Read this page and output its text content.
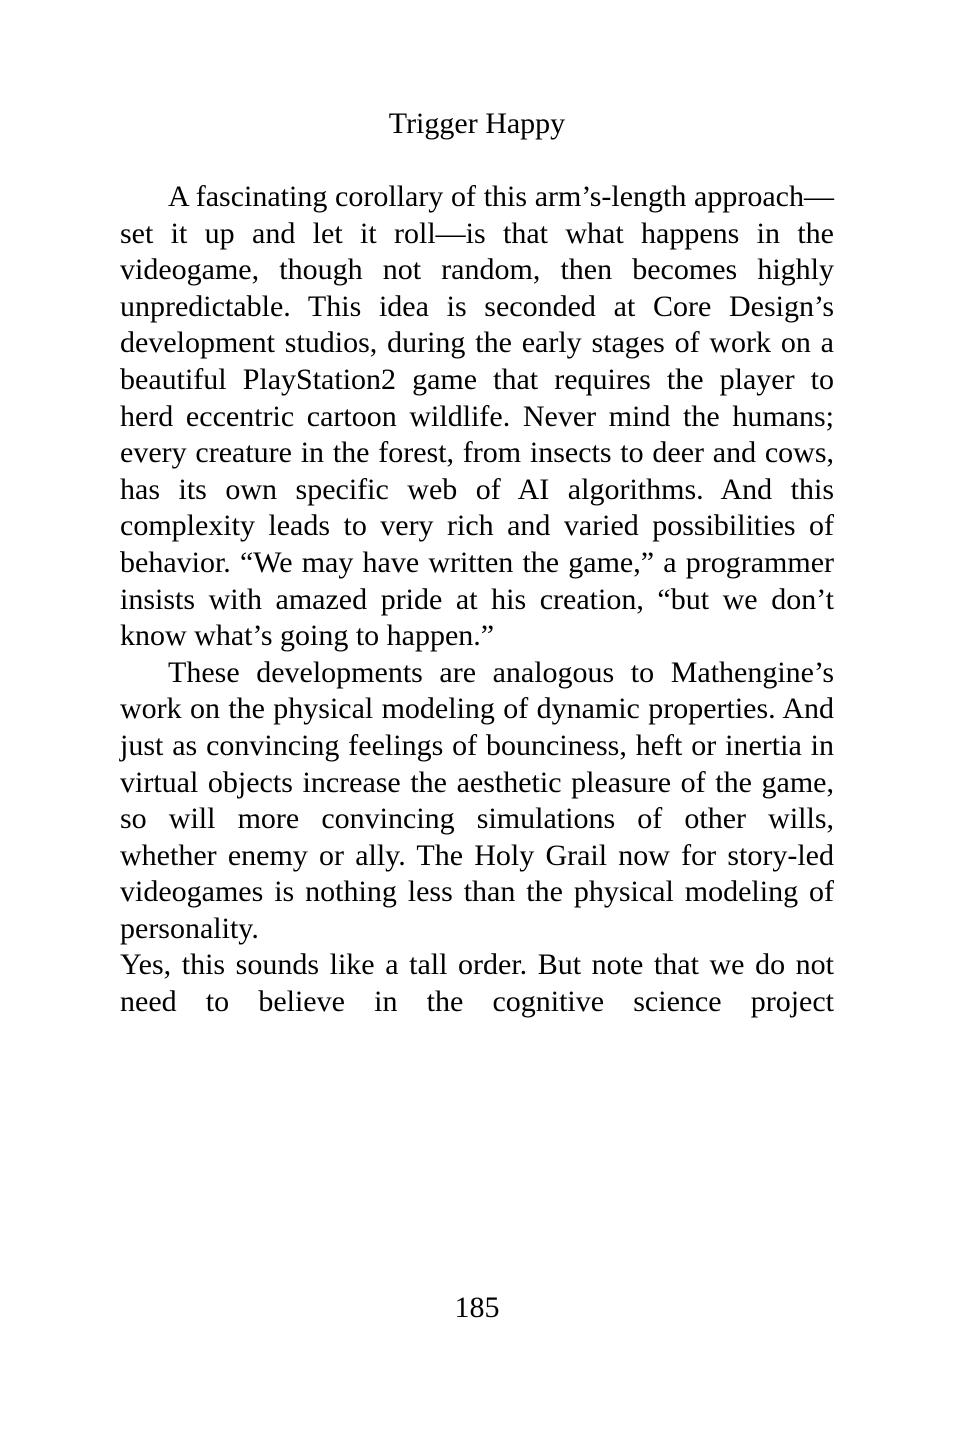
Trigger Happy

A fascinating corollary of this arm’s-length approach—set it up and let it roll—is that what happens in the videogame, though not random, then becomes highly unpredictable. This idea is seconded at Core Design’s development studios, during the early stages of work on a beautiful PlayStation2 game that requires the player to herd eccentric cartoon wildlife. Never mind the humans; every creature in the forest, from insects to deer and cows, has its own specific web of AI algorithms. And this complexity leads to very rich and varied possibilities of behavior. “We may have written the game,” a programmer insists with amazed pride at his creation, “but we don’t know what’s going to happen.”

These developments are analogous to Mathengine’s work on the physical modeling of dynamic properties. And just as convincing feelings of bounciness, heft or inertia in virtual objects increase the aesthetic pleasure of the game, so will more convincing simulations of other wills, whether enemy or ally. The Holy Grail now for story-led videogames is nothing less than the physical modeling of personality.

Yes, this sounds like a tall order. But note that we do not need to believe in the cognitive science project

185
